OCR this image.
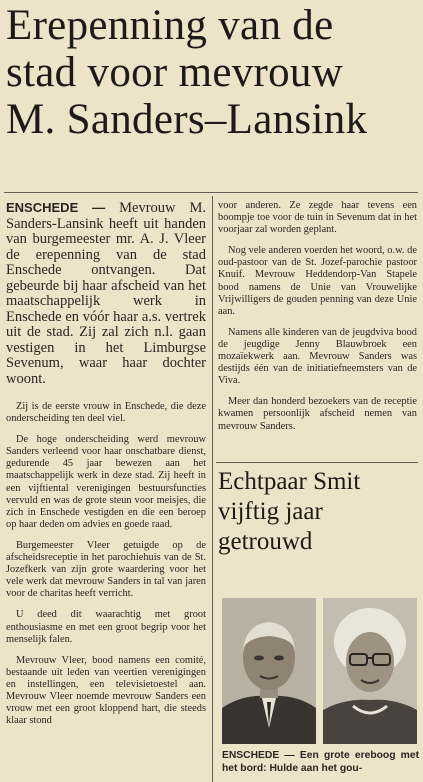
Erepenning van de
stad voor mevrouw
M. Sanders–Lansink

ENSCHEDE — Mevrouw M. Sanders-Lansink heeft uit handen van burgemeester mr. A. J. Vleer de erepenning van de stad Enschede ontvangen. Dat gebeurde bij haar afscheid van het maatschappelijk werk in Enschede en vóór haar a.s. vertrek uit de stad. Zij zal zich n.l. gaan vestigen in het Limburgse Sevenum, waar haar dochter woont.

Zij is de eerste vrouw in Enschede, die deze onderscheiding ten deel viel.

De hoge onderscheiding werd mevrouw Sanders verleend voor haar onschatbare dienst, gedurende 45 jaar bewezen aan het maatschappelijk werk in deze stad. Zij heeft in een vijftiental verenigingen bestuursfuncties vervuld en was de grote steun voor meisjes, die zich in Enschede vestigden en die een beroep op haar deden om advies en goede raad.

Burgemeester Vleer getuigde op de afscheidsreceptie in het parochiehuis van de St. Jozefkerk van zijn grote waardering voor het vele werk dat mevrouw Sanders in tal van jaren voor de charitas heeft verricht.

U deed dit waarachtig met groot enthousiasme en met een groot begrip voor het menselijk falen.

Mevrouw Vleer, bood namens een comité, bestaande uit leden van veertien verenigingen en instellingen, een televisietoestel aan. Mevrouw Vleer noemde mevrouw Sanders een vrouw met een groot kloppend hart, die steeds klaar stond

voor anderen. Ze zegde haar tevens een boompje toe voor de tuin in Sevenum dat in het voorjaar zal worden geplant.

Nog vele anderen voerden het woord, o.w. de oud-pastoor van de St. Jozef-parochie pastoor Knuif. Mevrouw Heddendorp-Van Stapele bood namens de Unie van Vrouwelijke Vrijwilligers de gouden penning van deze Unie aan.

Namens alle kinderen van de jeugdviva bood de jeugdige Jenny Blauwbroek een mozaïekwerk aan. Mevrouw Sanders was destijds één van de initiatiefneemsters van de Viva.

Meer dan honderd bezoekers van de receptie kwamen persoonlijk afscheid nemen van mevrouw Sanders.

Echtpaar Smit
vijftig jaar
getrouwd
ENSCHEDE — Een grote ereboog met het bord: Hulde aan het gou-
